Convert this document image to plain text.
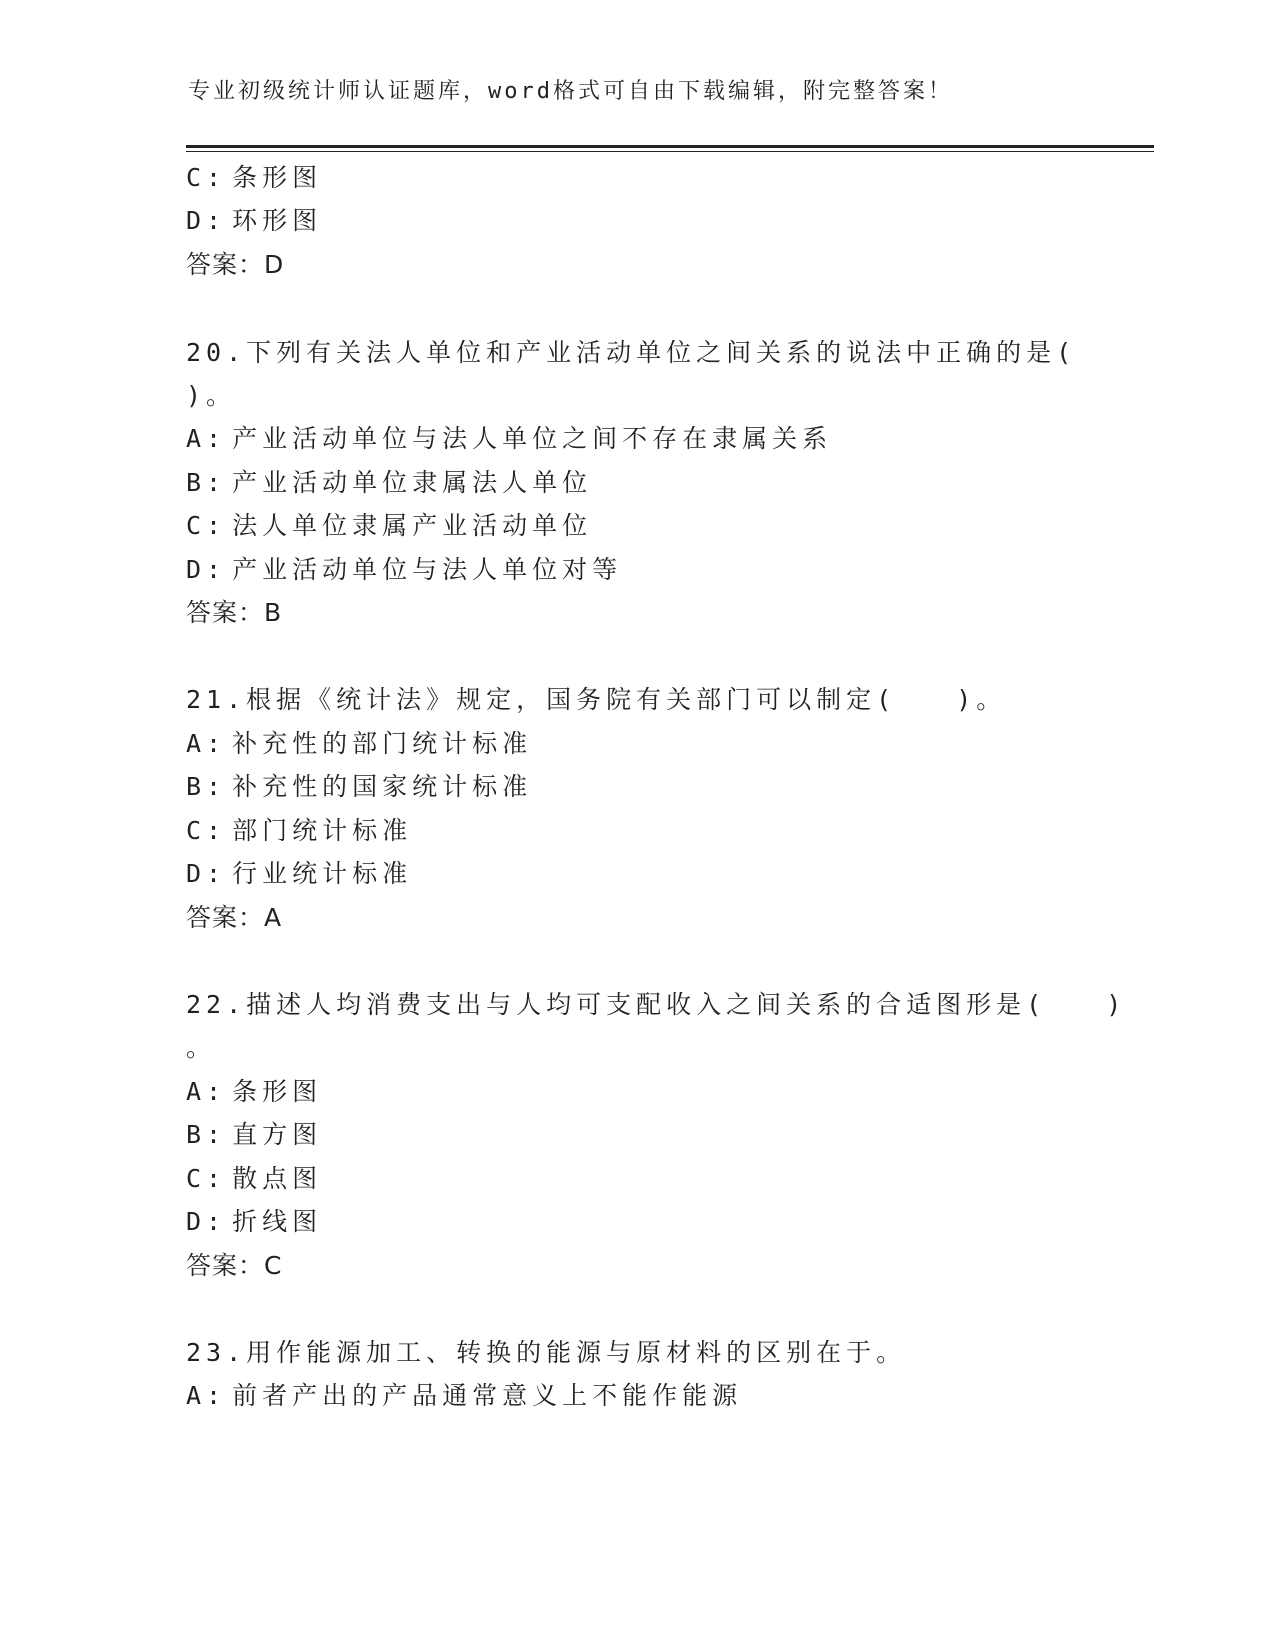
专业初级统计师认证题库，word格式可自由下载编辑，附完整答案！
C: 条形图
D: 环形图
答案：D
20.下列有关法人单位和产业活动单位之间关系的说法中正确的是(
)。
A: 产业活动单位与法人单位之间不存在隶属关系
B: 产业活动单位隶属法人单位
C: 法人单位隶属产业活动单位
D: 产业活动单位与法人单位对等
答案：B
21.根据《统计法》规定，国务院有关部门可以制定(　　)。
A: 补充性的部门统计标准
B: 补充性的国家统计标准
C: 部门统计标准
D: 行业统计标准
答案：A
22.描述人均消费支出与人均可支配收入之间关系的合适图形是(　　)
。
A: 条形图
B: 直方图
C: 散点图
D: 折线图
答案：C
23.用作能源加工、转换的能源与原材料的区别在于。
A: 前者产出的产品通常意义上不能作能源
